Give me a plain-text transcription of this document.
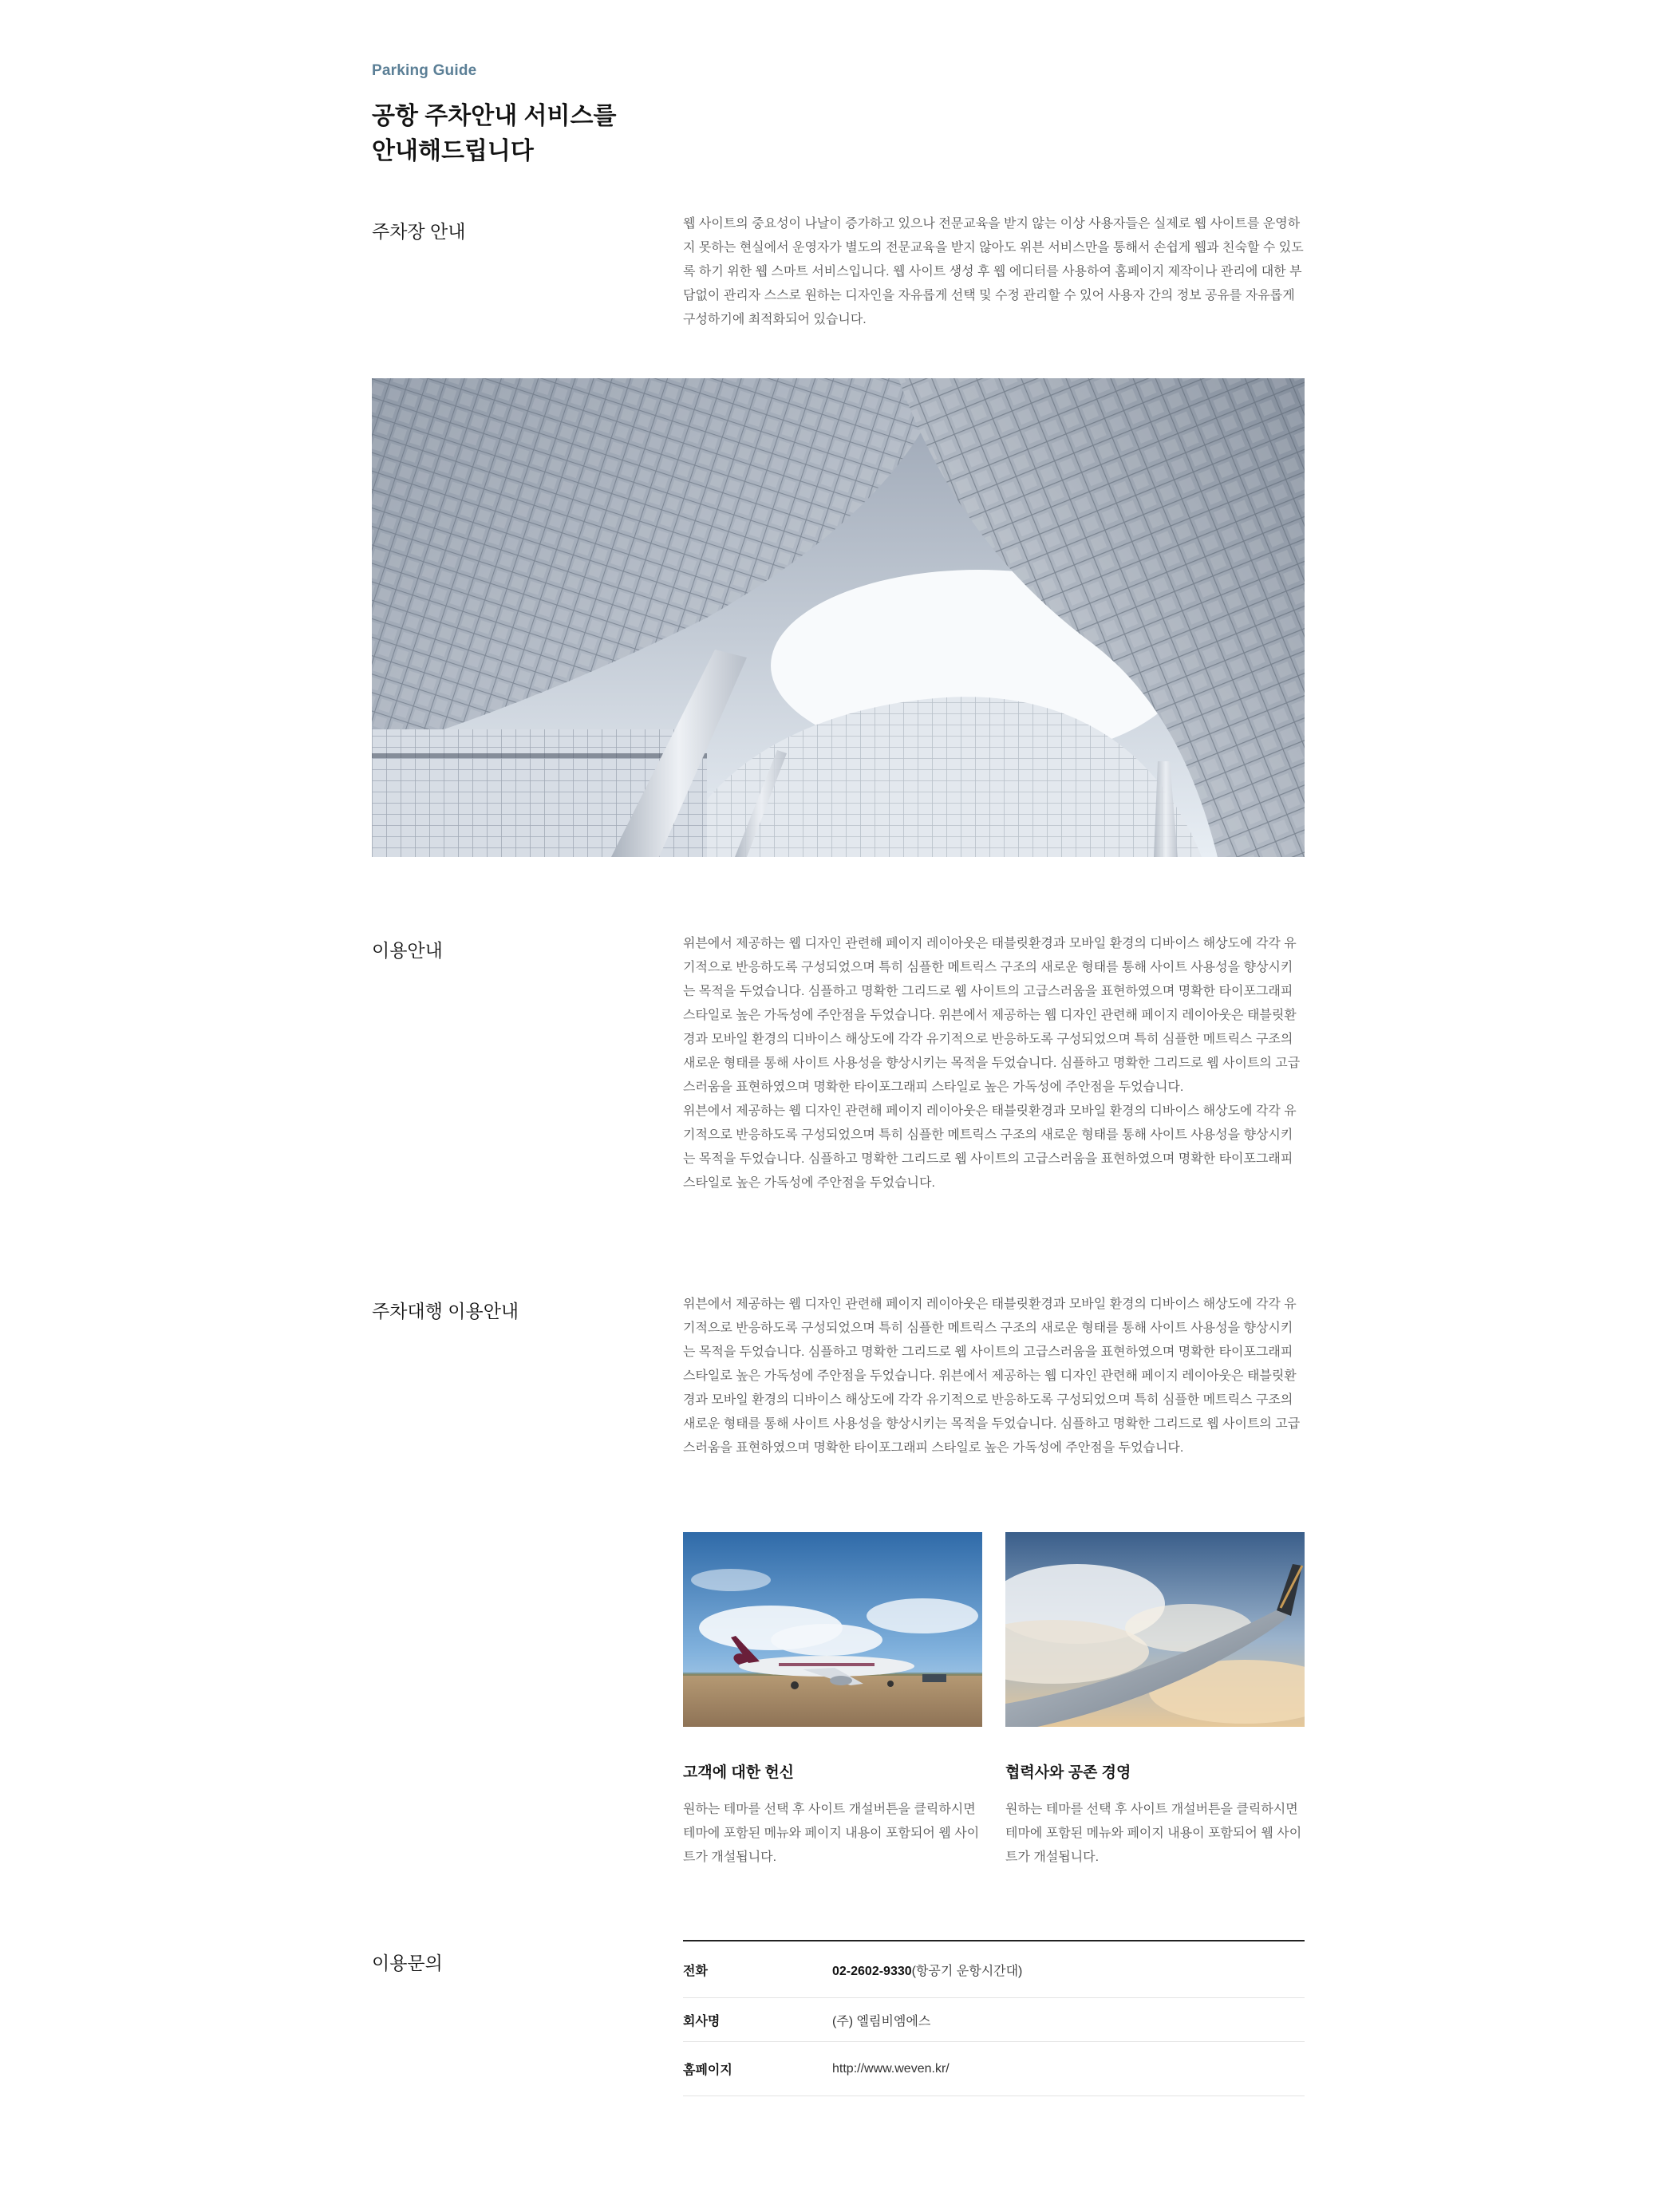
Parking Guide
공항 주차안내 서비스를
안내해드립니다
주차장 안내	웹 사이트의 중요성이 나날이 증가하고 있으나 전문교육을 받지 않는 이상 사용자들은 실제로 웹 사이트를 운영하지 못하는 현실에서 운영자가 별도의 전문교육을 받지 않아도 위븐 서비스만을 통해서 손쉽게 웹과 친숙할 수 있도록 하기 위한 웹 스마트 서비스입니다. 웹 사이트 생성 후 웹 에디터를 사용하여 홈페이지 제작이나 관리에 대한 부담없이 관리자 스스로 원하는 디자인을 자유롭게 선택 및 수정 관리할 수 있어 사용자 간의 정보 공유를 자유롭게 구성하기에 최적화되어 있습니다.

이용안내	위븐에서 제공하는 웹 디자인 관련해 페이지 레이아웃은 태블릿환경과 모바일 환경의 디바이스 해상도에 각각 유기적으로 반응하도록 구성되었으며 특히 심플한 메트릭스 구조의 새로운 형태를 통해 사이트 사용성을 향상시키는 목적을 두었습니다. 심플하고 명확한 그리드로 웹 사이트의 고급스러움을 표현하였으며 명확한 타이포그래피 스타일로 높은 가독성에 주안점을 두었습니다. 위븐에서 제공하는 웹 디자인 관련해 페이지 레이아웃은 태블릿환경과 모바일 환경의 디바이스 해상도에 각각 유기적으로 반응하도록 구성되었으며 특히 심플한 메트릭스 구조의 새로운 형태를 통해 사이트 사용성을 향상시키는 목적을 두었습니다. 심플하고 명확한 그리드로 웹 사이트의 고급스러움을 표현하였으며 명확한 타이포그래피 스타일로 높은 가독성에 주안점을 두었습니다.

위븐에서 제공하는 웹 디자인 관련해 페이지 레이아웃은 태블릿환경과 모바일 환경의 디바이스 해상도에 각각 유기적으로 반응하도록 구성되었으며 특히 심플한 메트릭스 구조의 새로운 형태를 통해 사이트 사용성을 향상시키는 목적을 두었습니다. 심플하고 명확한 그리드로 웹 사이트의 고급스러움을 표현하였으며 명확한 타이포그래피 스타일로 높은 가독성에 주안점을 두었습니다.

주차대행 이용안내	위븐에서 제공하는 웹 디자인 관련해 페이지 레이아웃은 태블릿환경과 모바일 환경의 디바이스 해상도에 각각 유기적으로 반응하도록 구성되었으며 특히 심플한 메트릭스 구조의 새로운 형태를 통해 사이트 사용성을 향상시키는 목적을 두었습니다. 심플하고 명확한 그리드로 웹 사이트의 고급스러움을 표현하였으며 명확한 타이포그래피 스타일로 높은 가독성에 주안점을 두었습니다. 위븐에서 제공하는 웹 디자인 관련해 페이지 레이아웃은 태블릿환경과 모바일 환경의 디바이스 해상도에 각각 유기적으로 반응하도록 구성되었으며 특히 심플한 메트릭스 구조의 새로운 형태를 통해 사이트 사용성을 향상시키는 목적을 두었습니다. 심플하고 명확한 그리드로 웹 사이트의 고급스러움을 표현하였으며 명확한 타이포그래피 스타일로 높은 가독성에 주안점을 두었습니다.

고객에 대한 헌신
원하는 테마를 선택 후 사이트 개설버튼을 클릭하시면 테마에 포함된 메뉴와 페이지 내용이 포함되어 웹 사이트가 개설됩니다.
협력사와 공존 경영
원하는 테마를 선택 후 사이트 개설버튼을 클릭하시면 테마에 포함된 메뉴와 페이지 내용이 포함되어 웹 사이트가 개설됩니다.
이용문의	전화	02-2602-9330(항공기 운항시간대)
회사명	(주) 엘림비엠에스
홈페이지	http://www.weven.kr/
